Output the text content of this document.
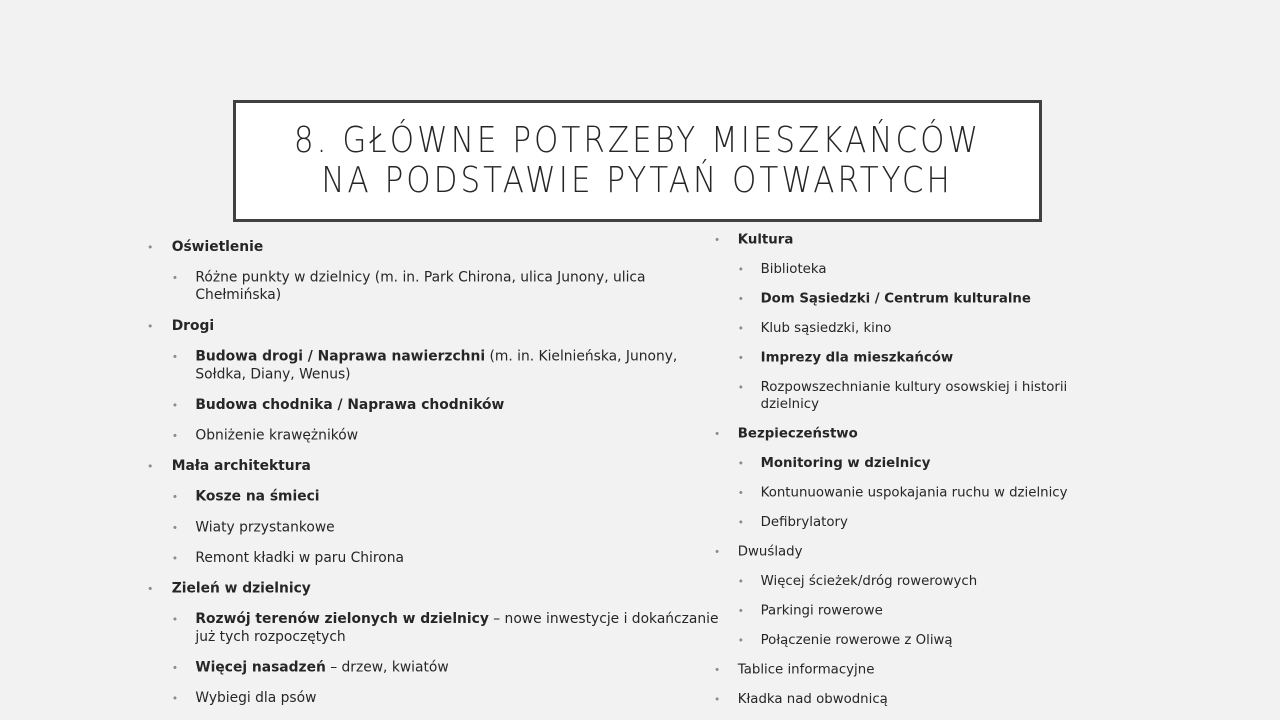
8. GŁÓWNE POTRZEBY MIESZKAŃCÓW
NA PODSTAWIE PYTAŃ OTWARTYCH
• Oświetlenie
• Różne punkty w dzielnicy (m. in. Park Chirona, ulica Junony, ulica Chełmińska)
• Drogi
• Budowa drogi / Naprawa nawierzchni (m. in. Kielnieńska, Junony, Sołdka, Diany, Wenus)
• Budowa chodnika / Naprawa chodników
• Obniżenie krawężników
• Mała architektura
• Kosze na śmieci
• Wiaty przystankowe
• Remont kładki w paru Chirona
• Zieleń w dzielnicy
• Rozwój terenów zielonych w dzielnicy – nowe inwestycje i dokańczanie już tych rozpoczętych
• Więcej nasadzeń – drzew, kwiatów
• Wybiegi dla psów
• Kultura
• Biblioteka
• Dom Sąsiedzki / Centrum kulturalne
• Klub sąsiedzki, kino
• Imprezy dla mieszkańców
• Rozpowszechnianie kultury osowskiej i historii dzielnicy
• Bezpieczeństwo
• Monitoring w dzielnicy
• Kontunuowanie uspokajania ruchu w dzielnicy
• Defibrylatory
• Dwuślady
• Więcej ścieżek/dróg rowerowych
• Parkingi rowerowe
• Połączenie rowerowe z Oliwą
• Tablice informacyjne
• Kładka nad obwodnicą
